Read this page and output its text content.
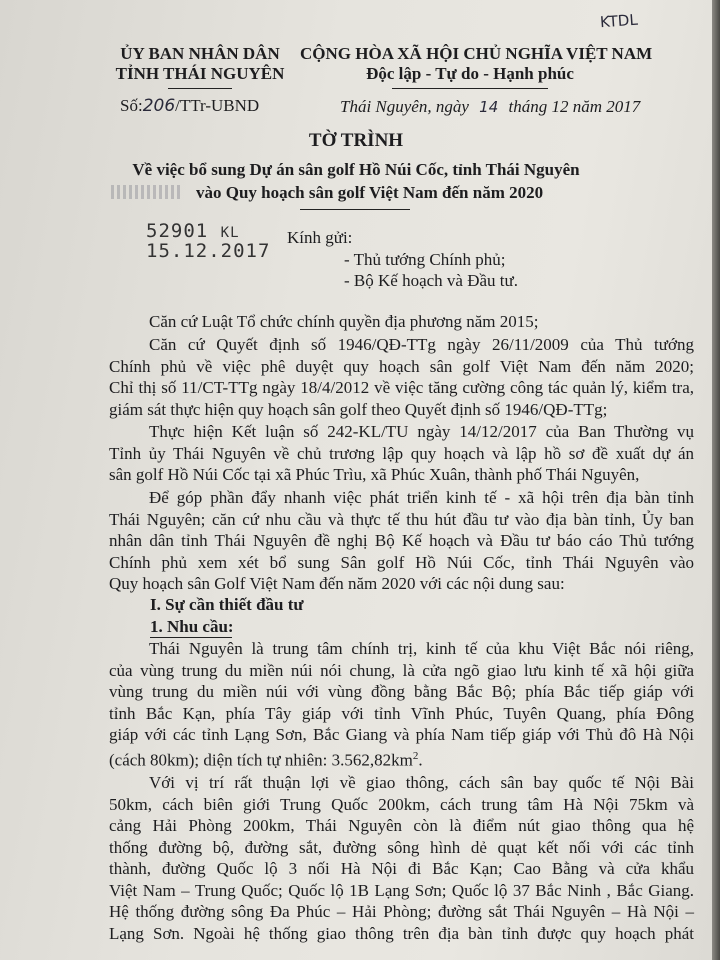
KTDL
ỦY BAN NHÂN DÂN
TỈNH THÁI NGUYÊN
CỘNG HÒA XÃ HỘI CHỦ NGHĨA VIỆT NAM
Độc lập - Tự do - Hạnh phúc
Số:206/TTr-UBND	Thái Nguyên, ngày 14 tháng 12 năm 2017
TỜ TRÌNH
Về việc bổ sung Dự án sân golf Hồ Núi Cốc, tỉnh Thái Nguyên
vào Quy hoạch sân golf Việt Nam đến năm 2020
52901 KL
15.12.2017
Kính gửi:
- Thủ tướng Chính phủ;
- Bộ Kế hoạch và Đầu tư.
Căn cứ Luật Tổ chức chính quyền địa phương năm 2015;
Căn cứ Quyết định số 1946/QĐ-TTg ngày 26/11/2009 của Thủ tướng
Chính phủ về việc phê duyệt quy hoạch sân golf Việt Nam đến năm 2020;
Chỉ thị số 11/CT-TTg ngày 18/4/2012 về việc tăng cường công tác quản lý, kiểm tra,
giám sát thực hiện quy hoạch sân golf theo Quyết định số 1946/QĐ-TTg;
Thực hiện Kết luận số 242-KL/TU ngày 14/12/2017 của Ban Thường vụ
Tỉnh ủy Thái Nguyên về chủ trương lập quy hoạch và lập hồ sơ đề xuất dự án
sân golf Hồ Núi Cốc tại xã Phúc Trìu, xã Phúc Xuân, thành phố Thái Nguyên,
Để góp phần đẩy nhanh việc phát triển kinh tế - xã hội trên địa bàn tỉnh
Thái Nguyên; căn cứ nhu cầu và thực tế thu hút đầu tư vào địa bàn tỉnh, Ủy ban
nhân dân tỉnh Thái Nguyên đề nghị Bộ Kế hoạch và Đầu tư báo cáo Thủ tướng
Chính phủ xem xét bổ sung Sân golf Hồ Núi Cốc, tỉnh Thái Nguyên vào
Quy hoạch sân Golf Việt Nam đến năm 2020 với các nội dung sau:
I. Sự cần thiết đầu tư
1. Nhu cầu:
Thái Nguyên là trung tâm chính trị, kinh tế của khu Việt Bắc nói riêng,
của vùng trung du miền núi nói chung, là cửa ngõ giao lưu kinh tế xã hội giữa
vùng trung du miền núi với vùng đồng bằng Bắc Bộ; phía Bắc tiếp giáp với
tỉnh Bắc Kạn, phía Tây giáp với tỉnh Vĩnh Phúc, Tuyên Quang, phía Đông
giáp với các tỉnh Lạng Sơn, Bắc Giang và phía Nam tiếp giáp với Thủ đô Hà Nội
(cách 80km); diện tích tự nhiên: $3.562,82km^2$.
Với vị trí rất thuận lợi về giao thông, cách sân bay quốc tế Nội Bài
50km, cách biên giới Trung Quốc 200km, cách trung tâm Hà Nội 75km và
cảng Hải Phòng 200km, Thái Nguyên còn là điểm nút giao thông qua hệ
thống đường bộ, đường sắt, đường sông hình dẻ quạt kết nối với các tỉnh
thành, đường Quốc lộ 3 nối Hà Nội đi Bắc Kạn; Cao Bằng và cửa khẩu
Việt Nam – Trung Quốc; Quốc lộ 1B Lạng Sơn; Quốc lộ 37 Bắc Ninh , Bắc Giang.
Hệ thống đường sông Đa Phúc – Hải Phòng; đường sắt Thái Nguyên – Hà Nội –
Lạng Sơn. Ngoài hệ thống giao thông trên địa bàn tỉnh được quy hoạch phát
